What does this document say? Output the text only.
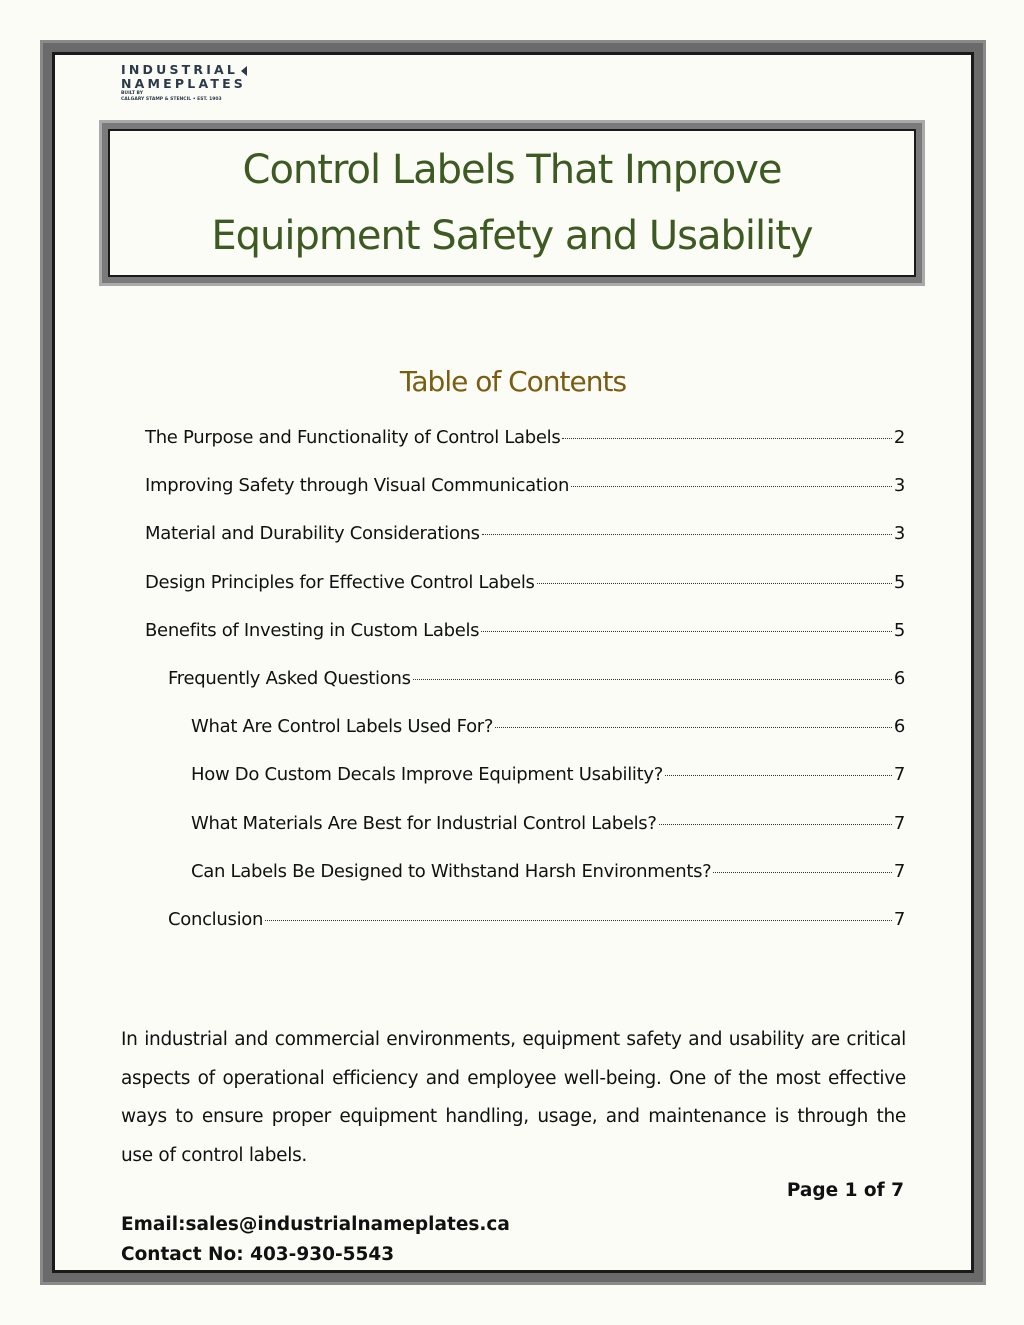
INDUSTRIAL
NAMEPLATES
BUILT BY
CALGARY STAMP & STENCIL • EST. 1903
Control Labels That Improve
Equipment Safety and Usability
Table of Contents
The Purpose and Functionality of Control Labels	2
Improving Safety through Visual Communication	3
Material and Durability Considerations	3
Design Principles for Effective Control Labels	5
Benefits of Investing in Custom Labels	5
Frequently Asked Questions	6
What Are Control Labels Used For?	6
How Do Custom Decals Improve Equipment Usability?	7
What Materials Are Best for Industrial Control Labels?	7
Can Labels Be Designed to Withstand Harsh Environments?	7
Conclusion	7
In industrial and commercial environments, equipment safety and usability are critical aspects of operational efficiency and employee well-being. One of the most effective ways to ensure proper equipment handling, usage, and maintenance is through the use of control labels.
Page 1 of 7
Email:sales@industrialnameplates.ca
Contact No: 403-930-5543
